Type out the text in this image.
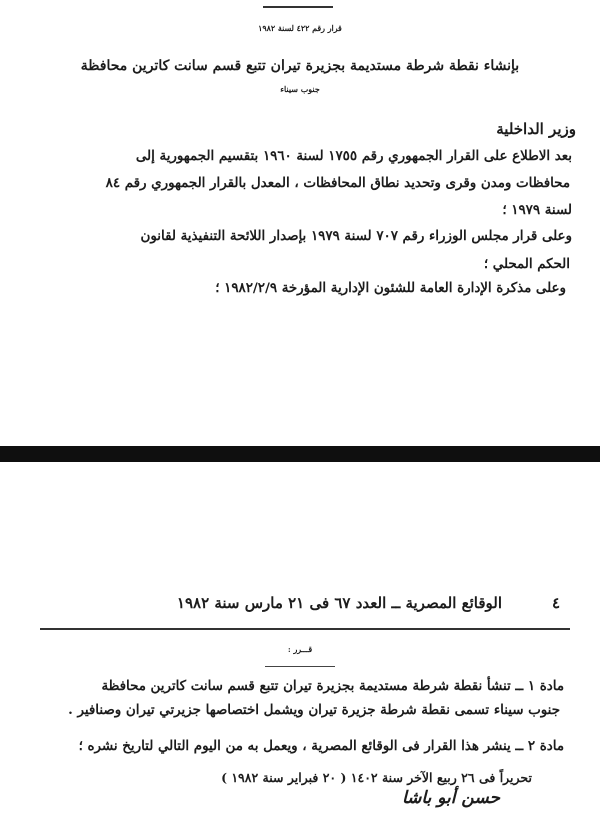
قرار رقم ٤٢٢ لسنة ١٩٨٢
بإنشاء نقطة شرطة مستديمة بجزيرة تيران تتبع قسم سانت كاترين محافظة
جنوب سيناء
وزير الداخلية
بعد الاطلاع على القرار الجمهوري رقم ١٧٥٥ لسنة ١٩٦٠ بتقسيم الجمهورية إلى
محافظات ومدن وقرى وتحديد نطاق المحافظات ، المعدل بالقرار الجمهوري رقم ٨٤
لسنة ١٩٧٩ ؛
وعلى قرار مجلس الوزراء رقم ٧٠٧ لسنة ١٩٧٩ بإصدار اللائحة التنفيذية لقانون
الحكم المحلي ؛
وعلى مذكرة الإدارة العامة للشئون الإدارية المؤرخة ١٩٨٢/٢/٩ ؛
٤
الوقائع المصرية ــ العدد ٦٧ فى ٢١ مارس سنة ١٩٨٢
قـــرر :
مادة ١ ــ تنشأ نقطة شرطة مستديمة بجزيرة تيران تتبع قسم سانت كاترين محافظة
جنوب سيناء تسمى نقطة شرطة جزيرة تيران ويشمل اختصاصها جزيرتي تيران وصنافير .
مادة ٢ ــ ينشر هذا القرار فى الوقائع المصرية ، ويعمل به من اليوم التالي لتاريخ نشره ؛
تحريراً فى ٢٦ ربيع الآخر سنة ١٤٠٢ ( ٢٠ فبراير سنة ١٩٨٢ )
حسن أبو باشا
